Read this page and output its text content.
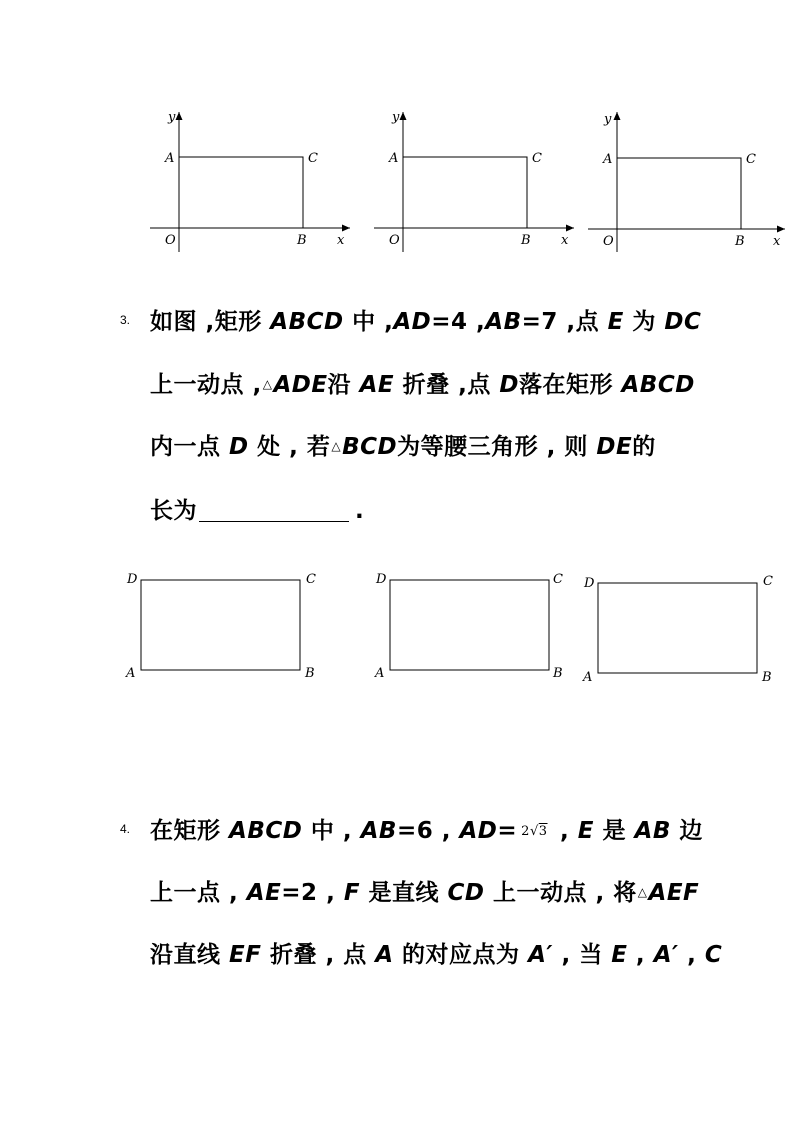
y
A	C
O	B x
y
A	C
O	B x
y
A	C
O	B x
3. 如图 ,矩形 ABCD 中 ,AD=4 ,AB=7 ,点 E 为 DC
上一动点 ,△ADE沿 AE 折叠 ,点 D落在矩形 ABCD
内一点 D 处 , 若△BCD为等腰三角形 , 则 DE的
长为	.
D	C
A	B
D	C
A	B
D	C
A	B
4. 在矩形 ABCD 中 , AB=6 , AD= 2√3 , E 是 AB 边
上一点 , AE=2 , F 是直线 CD 上一动点 , 将△AEF
沿直线 EF 折叠 , 点 A 的对应点为 A′ , 当 E , A′ , C
